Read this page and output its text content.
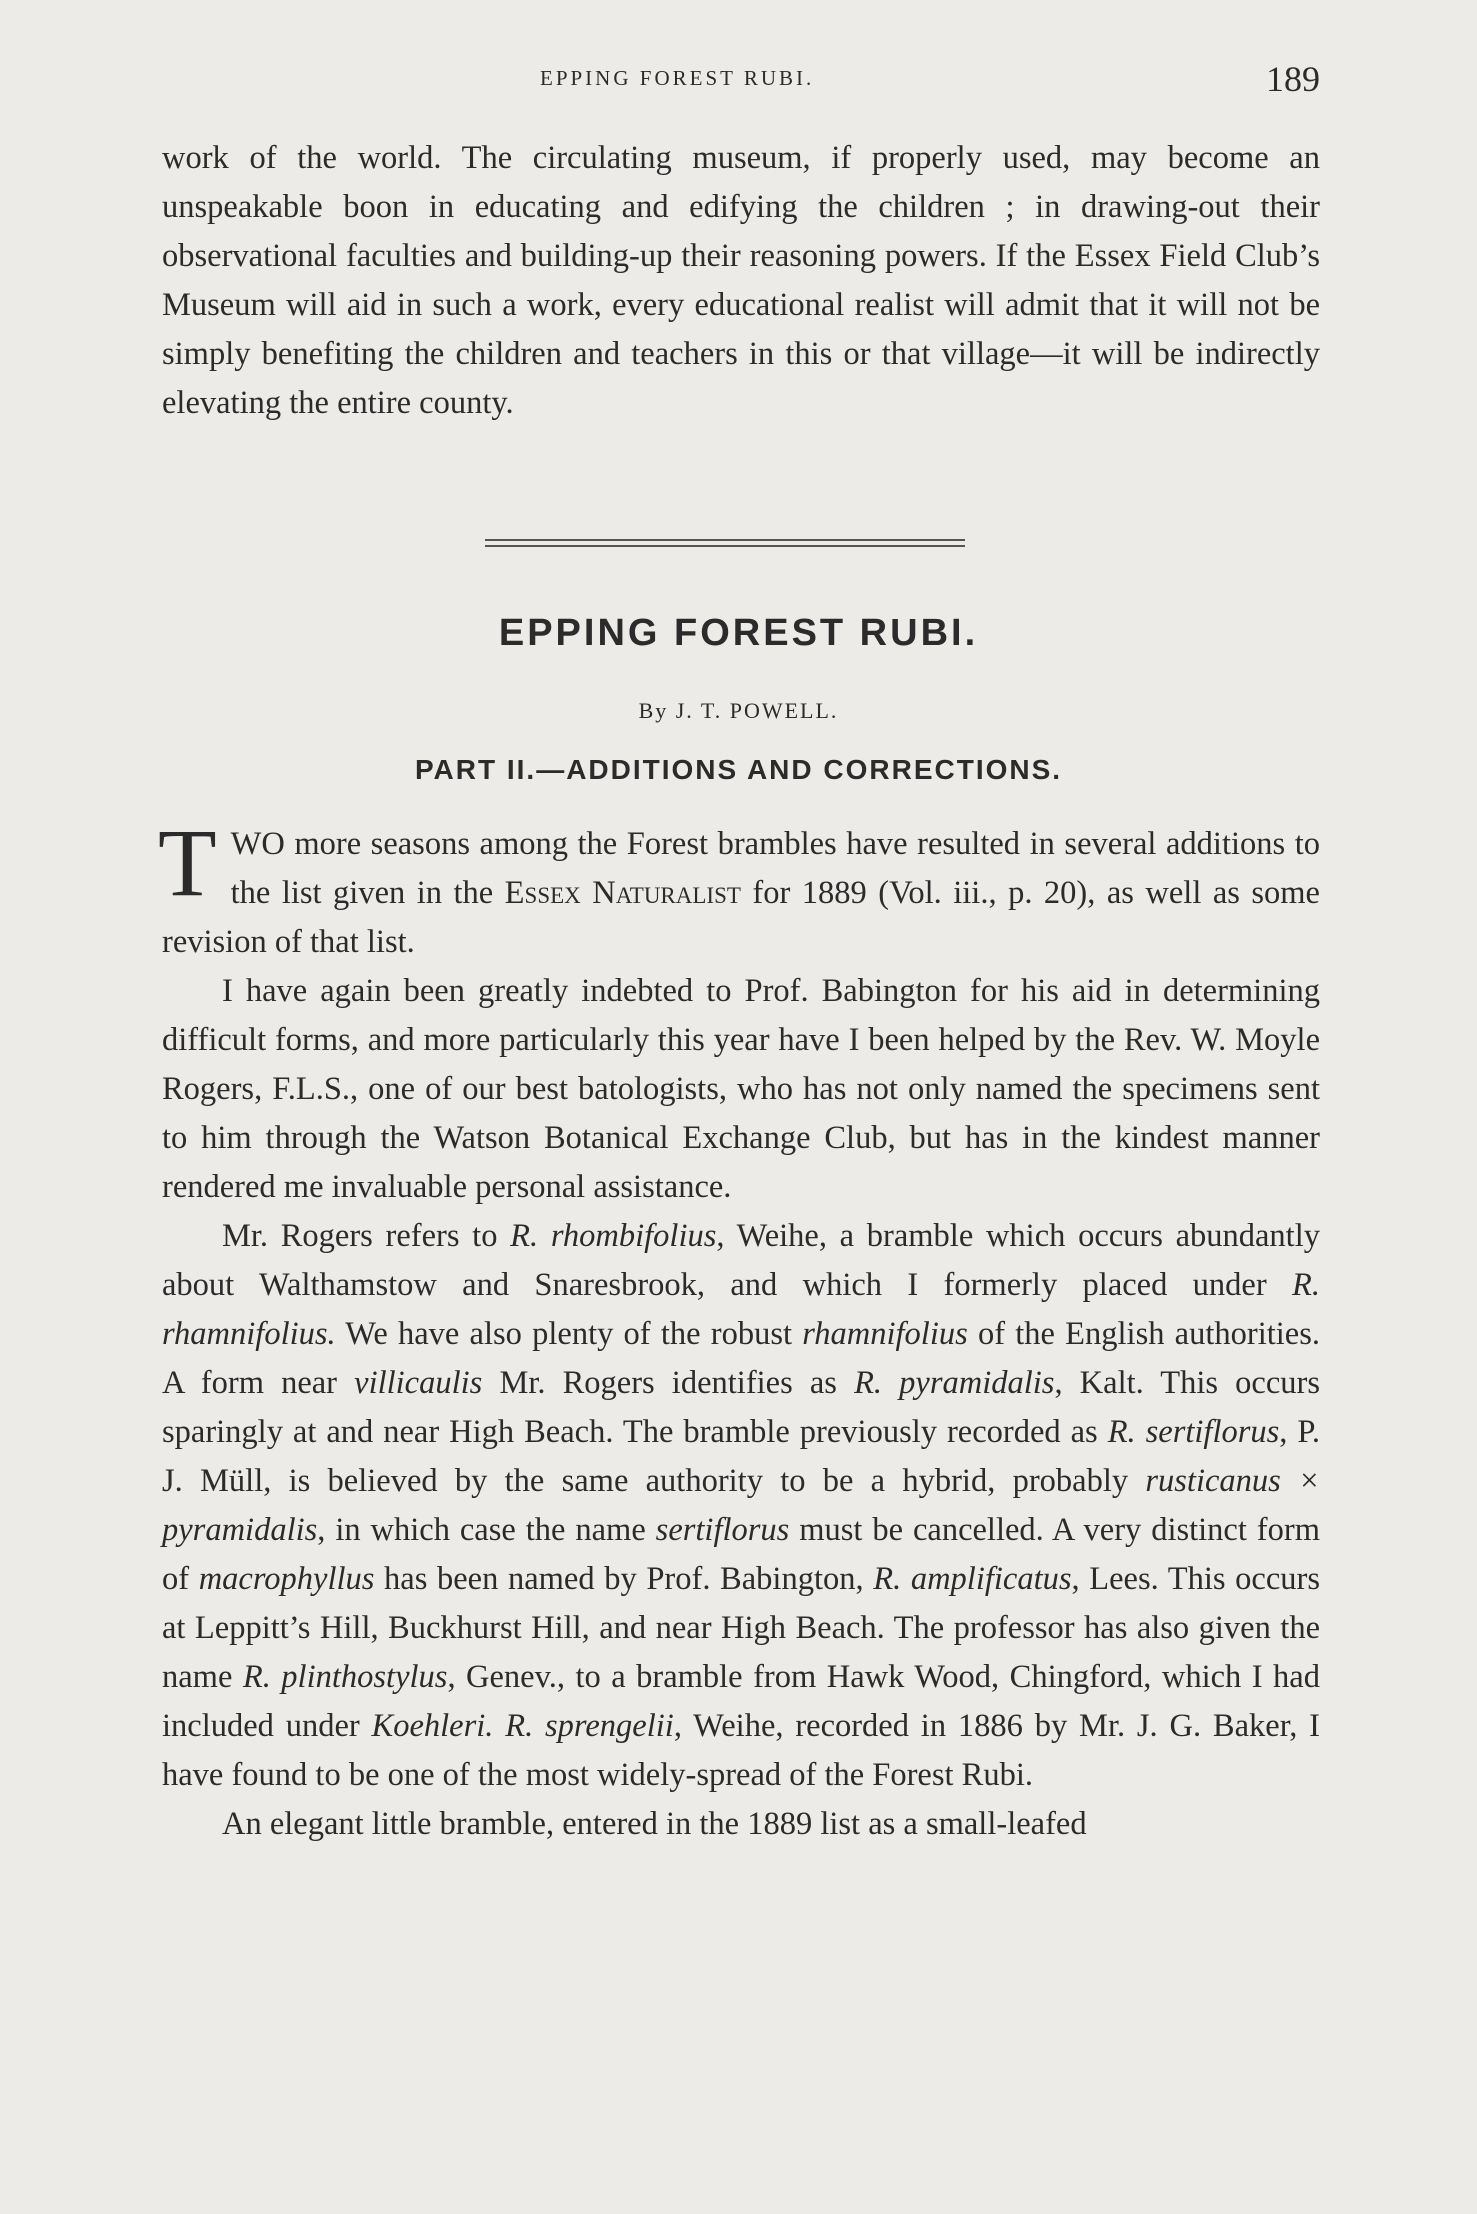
EPPING FOREST RUBI.	189

work of the world. The circulating museum, if properly used, may become an unspeakable boon in educating and edifying the children ; in drawing-out their observational faculties and building-up their reasoning powers. If the Essex Field Club’s Museum will aid in such a work, every educational realist will admit that it will not be simply benefiting the children and teachers in this or that village—it will be indirectly elevating the entire county.

EPPING FOREST RUBI.
By J. T. POWELL.
PART II.—ADDITIONS AND CORRECTIONS.

TWO more seasons among the Forest brambles have resulted in several additions to the list given in the Essex Naturalist for 1889 (Vol. iii., p. 20), as well as some revision of that list.

I have again been greatly indebted to Prof. Babington for his aid in determining difficult forms, and more particularly this year have I been helped by the Rev. W. Moyle Rogers, F.L.S., one of our best batologists, who has not only named the specimens sent to him through the Watson Botanical Exchange Club, but has in the kindest manner rendered me invaluable personal assistance.

Mr. Rogers refers to R. rhombifolius, Weihe, a bramble which occurs abundantly about Walthamstow and Snaresbrook, and which I formerly placed under R. rhamnifolius. We have also plenty of the robust rhamnifolius of the English authorities. A form near villicaulis Mr. Rogers identifies as R. pyramidalis, Kalt. This occurs sparingly at and near High Beach. The bramble previously recorded as R. sertiflorus, P. J. Müll, is believed by the same authority to be a hybrid, probably rusticanus × pyramidalis, in which case the name sertiflorus must be cancelled. A very distinct form of macrophyllus has been named by Prof. Babington, R. amplificatus, Lees. This occurs at Leppitt’s Hill, Buckhurst Hill, and near High Beach. The professor has also given the name R. plinthostylus, Genev., to a bramble from Hawk Wood, Chingford, which I had included under Koehleri. R. sprengelii, Weihe, recorded in 1886 by Mr. J. G. Baker, I have found to be one of the most widely-spread of the Forest Rubi.

An elegant little bramble, entered in the 1889 list as a small-leafed
